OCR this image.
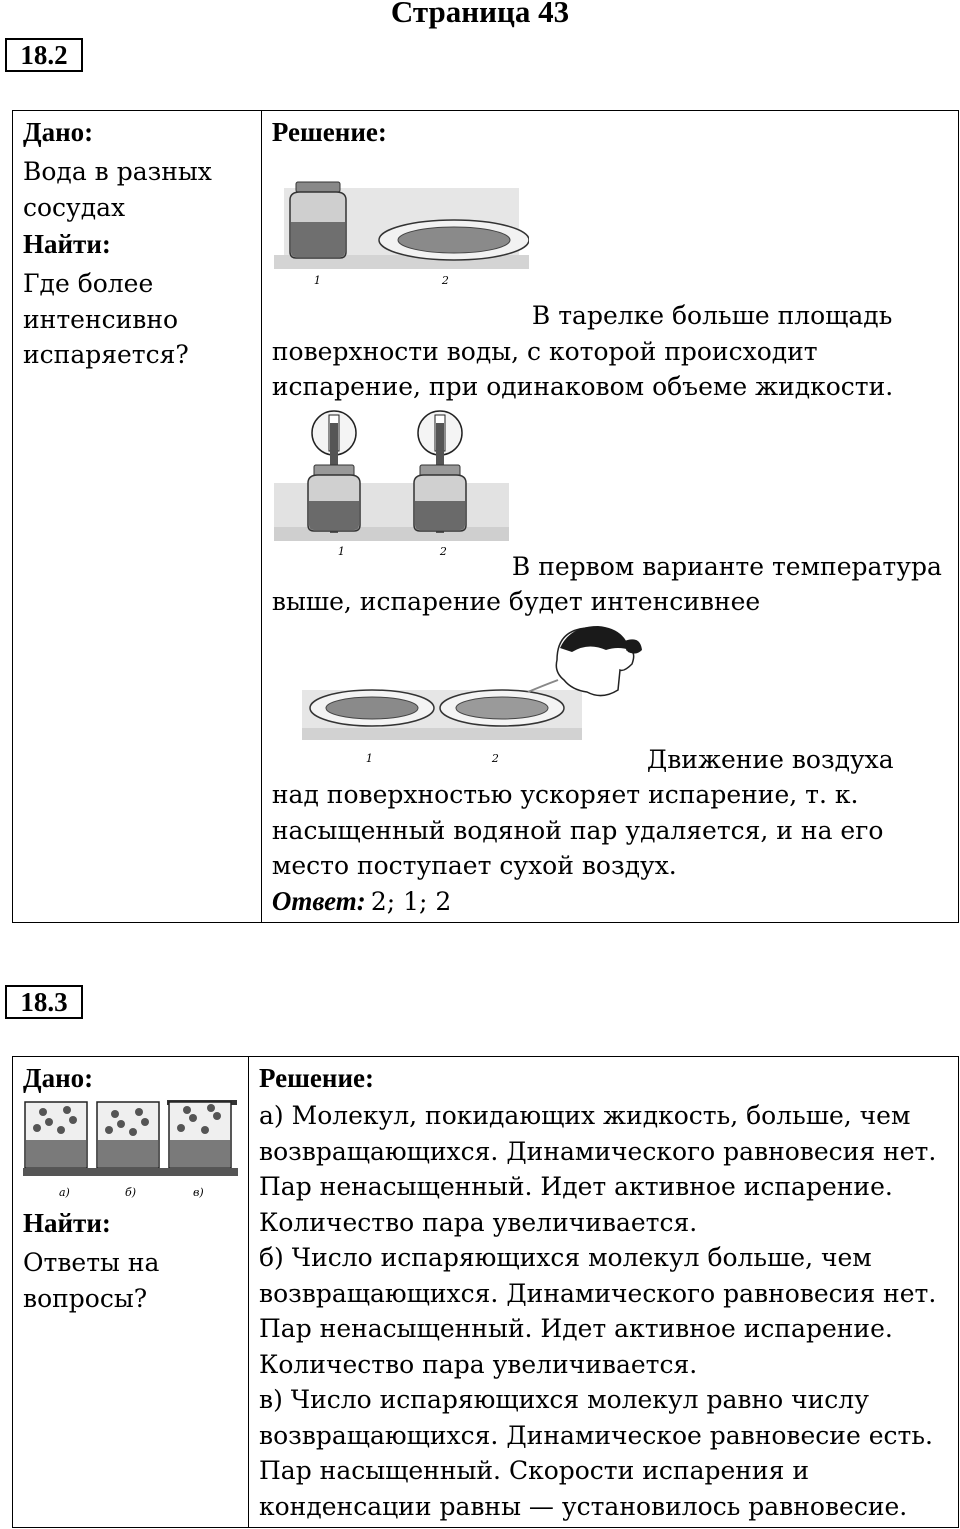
Страница 43
18.2
Дано:
Вода в разных сосудах
Найти:
Где более интенсивно испаряется?

Решение:
1	2
В тарелке больше площадь поверхности воды, с которой происходит испарение, при одинаковом объеме жидкости.
1	2
В первом варианте температура выше, испарение будет интенсивнее
1	2	Движение воздуха над поверхностью ускоряет испарение, т. к. насыщенный водяной пар удаляется, и на его место поступает сухой воздух.
Ответ: 2; 1; 2
18.3
Дано:
а)	б)	в)
Найти:
Ответы на вопросы?

Решение:
а) Молекул, покидающих жидкость, больше, чем
возвращающихся. Динамического равновесия нет.
Пар ненасыщенный. Идет активное испарение.
Количество пара увеличивается.
б) Число испаряющихся молекул больше, чем
возвращающихся. Динамического равновесия нет.
Пар ненасыщенный. Идет активное испарение.
Количество пара увеличивается.
в) Число испаряющихся молекул равно числу
возвращающихся. Динамическое равновесие есть.
Пар насыщенный. Скорости испарения и
конденсации равны — установилось равновесие.
